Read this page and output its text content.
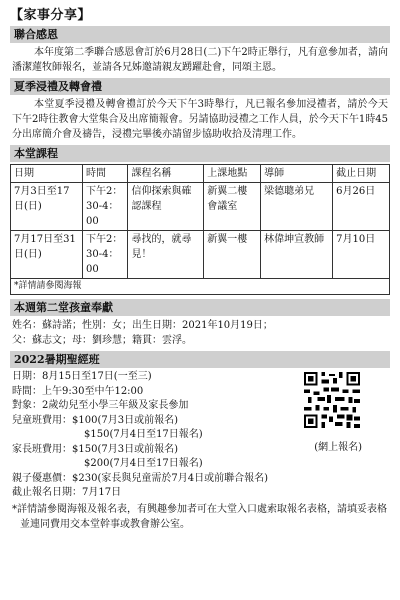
【家事分享】
聯合感恩
本年度第二季聯合感恩會訂於6月28日(二)下午2時正舉行，凡有意參加者，請向潘潔蓮牧師報名，並請各兄姊邀請親友踴躍赴會，同頌主恩。
夏季浸禮及轉會禮
本堂夏季浸禮及轉會禮訂於今天下午3時舉行，凡已報名參加浸禮者，請於今天下午2時往教會大堂集合及出席簡報會。另請協助浸禮之工作人員，於今天下午1時45分出席簡介會及禱告，浸禮完畢後亦請留步協助收拾及清理工作。
本堂課程
日期	時間	課程名稱	上課地點	導師	截止日期
7月3日至17日(日)	下午2：30-4：00	信仰探索與確認課程	新翼二樓會議室	梁德聰弟兄	6月26日
7月17日至31日(日)	下午2：30-4：00	尋找的，就尋見！	新翼一樓	林偉坤宣教師	7月10日
*詳情請參閱海報					
本週第二堂孩童奉獻
姓名：蘇詩諾；性別：女；出生日期：2021年10月19日；
父：蘇志文；母：劉珍慧；籍貫：雲浮。
2022暑期聖經班
日期：8月15日至17日(一至三)
時間：上午9:30至中午12:00
對象：2歲幼兒至小學三年級及家長參加
兒童班費用：$100(7月3日或前報名)
$150(7月4日至17日報名)
家長班費用：$150(7月3日或前報名)
$200(7月4日至17日報名)
親子優惠價：$230(家長與兒童需於7月4日或前聯合報名)
截止報名日期：7月17日
*詳情請參閱海報及報名表，有興趣參加者可在大堂入口處索取報名表格，請填妥表格並連同費用交本堂幹事或教會辦公室。
(網上報名)
